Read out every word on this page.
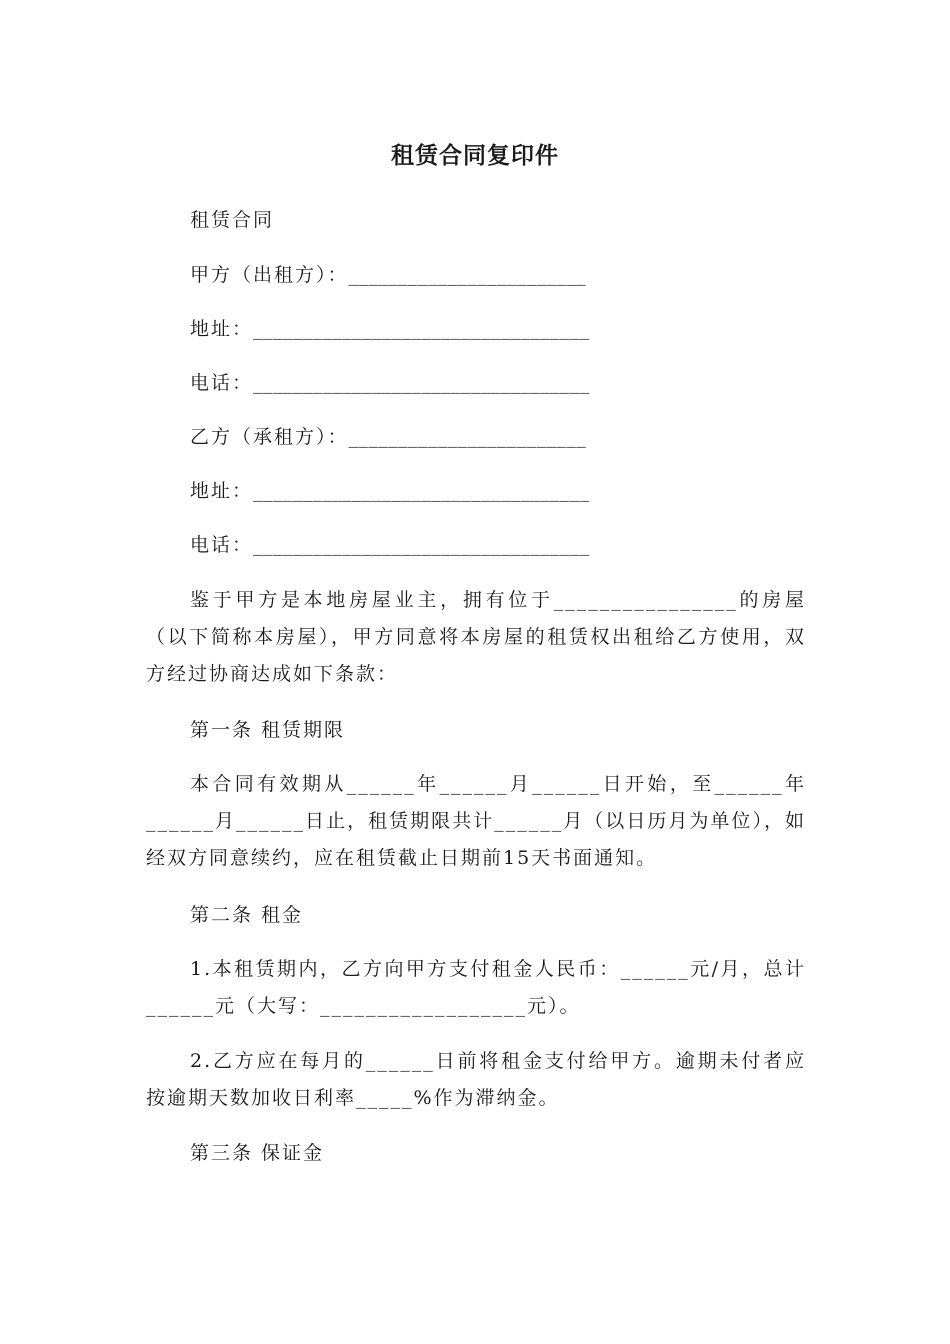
租赁合同复印件
租赁合同
甲方（出租方）：________________________
地址：__________________________________
电话：__________________________________
乙方（承租方）：________________________
地址：__________________________________
电话：__________________________________
鉴于甲方是本地房屋业主，拥有位于________________的房屋（以下简称本房屋），甲方同意将本房屋的租赁权出租给乙方使用，双方经过协商达成如下条款：
第一条 租赁期限
本合同有效期从______年______月______日开始，至______年______月______日止，租赁期限共计______月（以日历月为单位），如经双方同意续约，应在租赁截止日期前15天书面通知。
第二条 租金
1.本租赁期内，乙方向甲方支付租金人民币：______元/月，总计______元（大写：__________________元）。
2.乙方应在每月的______日前将租金支付给甲方。逾期未付者应按逾期天数加收日利率_____%作为滞纳金。
第三条 保证金
